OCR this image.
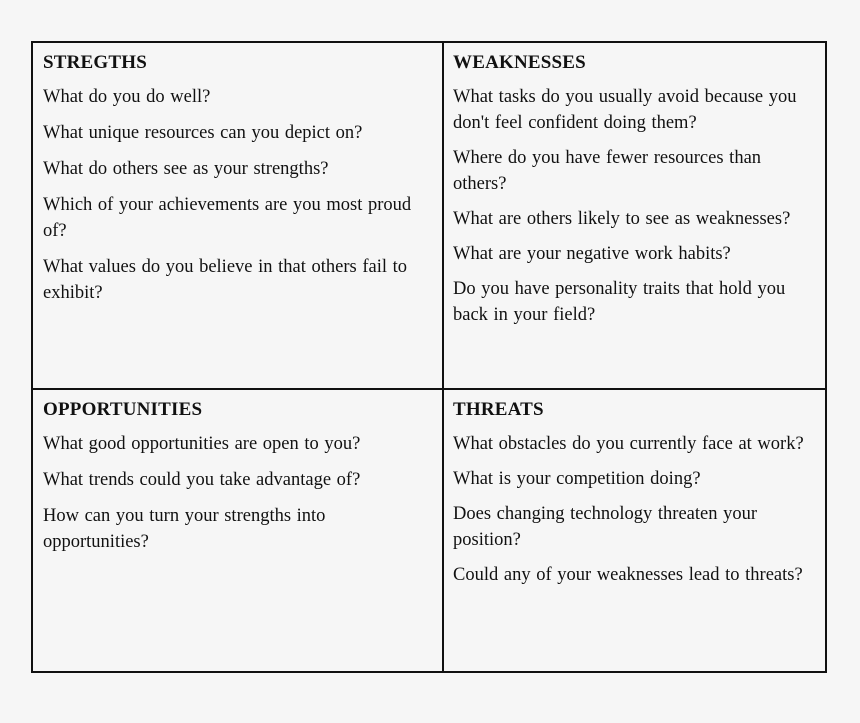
STREGTHS
What do you do well?
What unique resources can you depict on?
What do others see as your strengths?
Which of your achievements are you most proud of?
What values do you believe in that others fail to exhibit?
WEAKNESSES
What tasks do you usually avoid because you don't feel confident doing them?
Where do you have fewer resources than others?
What are others likely to see as weaknesses?
What are your negative work habits?
Do you have personality traits that hold you back in your field?
OPPORTUNITIES
What good opportunities are open to you?
What trends could you take advantage of?
How can you turn your strengths into opportunities?
THREATS
What obstacles do you currently face at work?
What is your competition doing?
Does changing technology threaten your position?
Could any of your weaknesses lead to threats?
